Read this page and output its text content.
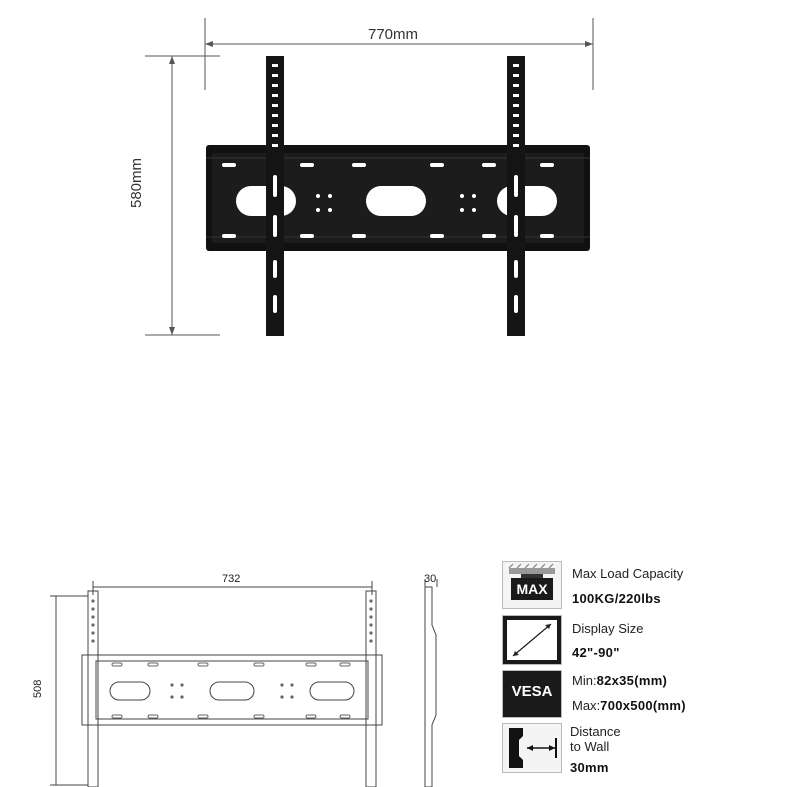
770mm
580mm
732
508
30
MAX
Max Load Capacity
100KG/220lbs
Display Size
42"-90"
VESA
Min:82x35(mm)
Max:700x500(mm)
Distance
to Wall
30mm
